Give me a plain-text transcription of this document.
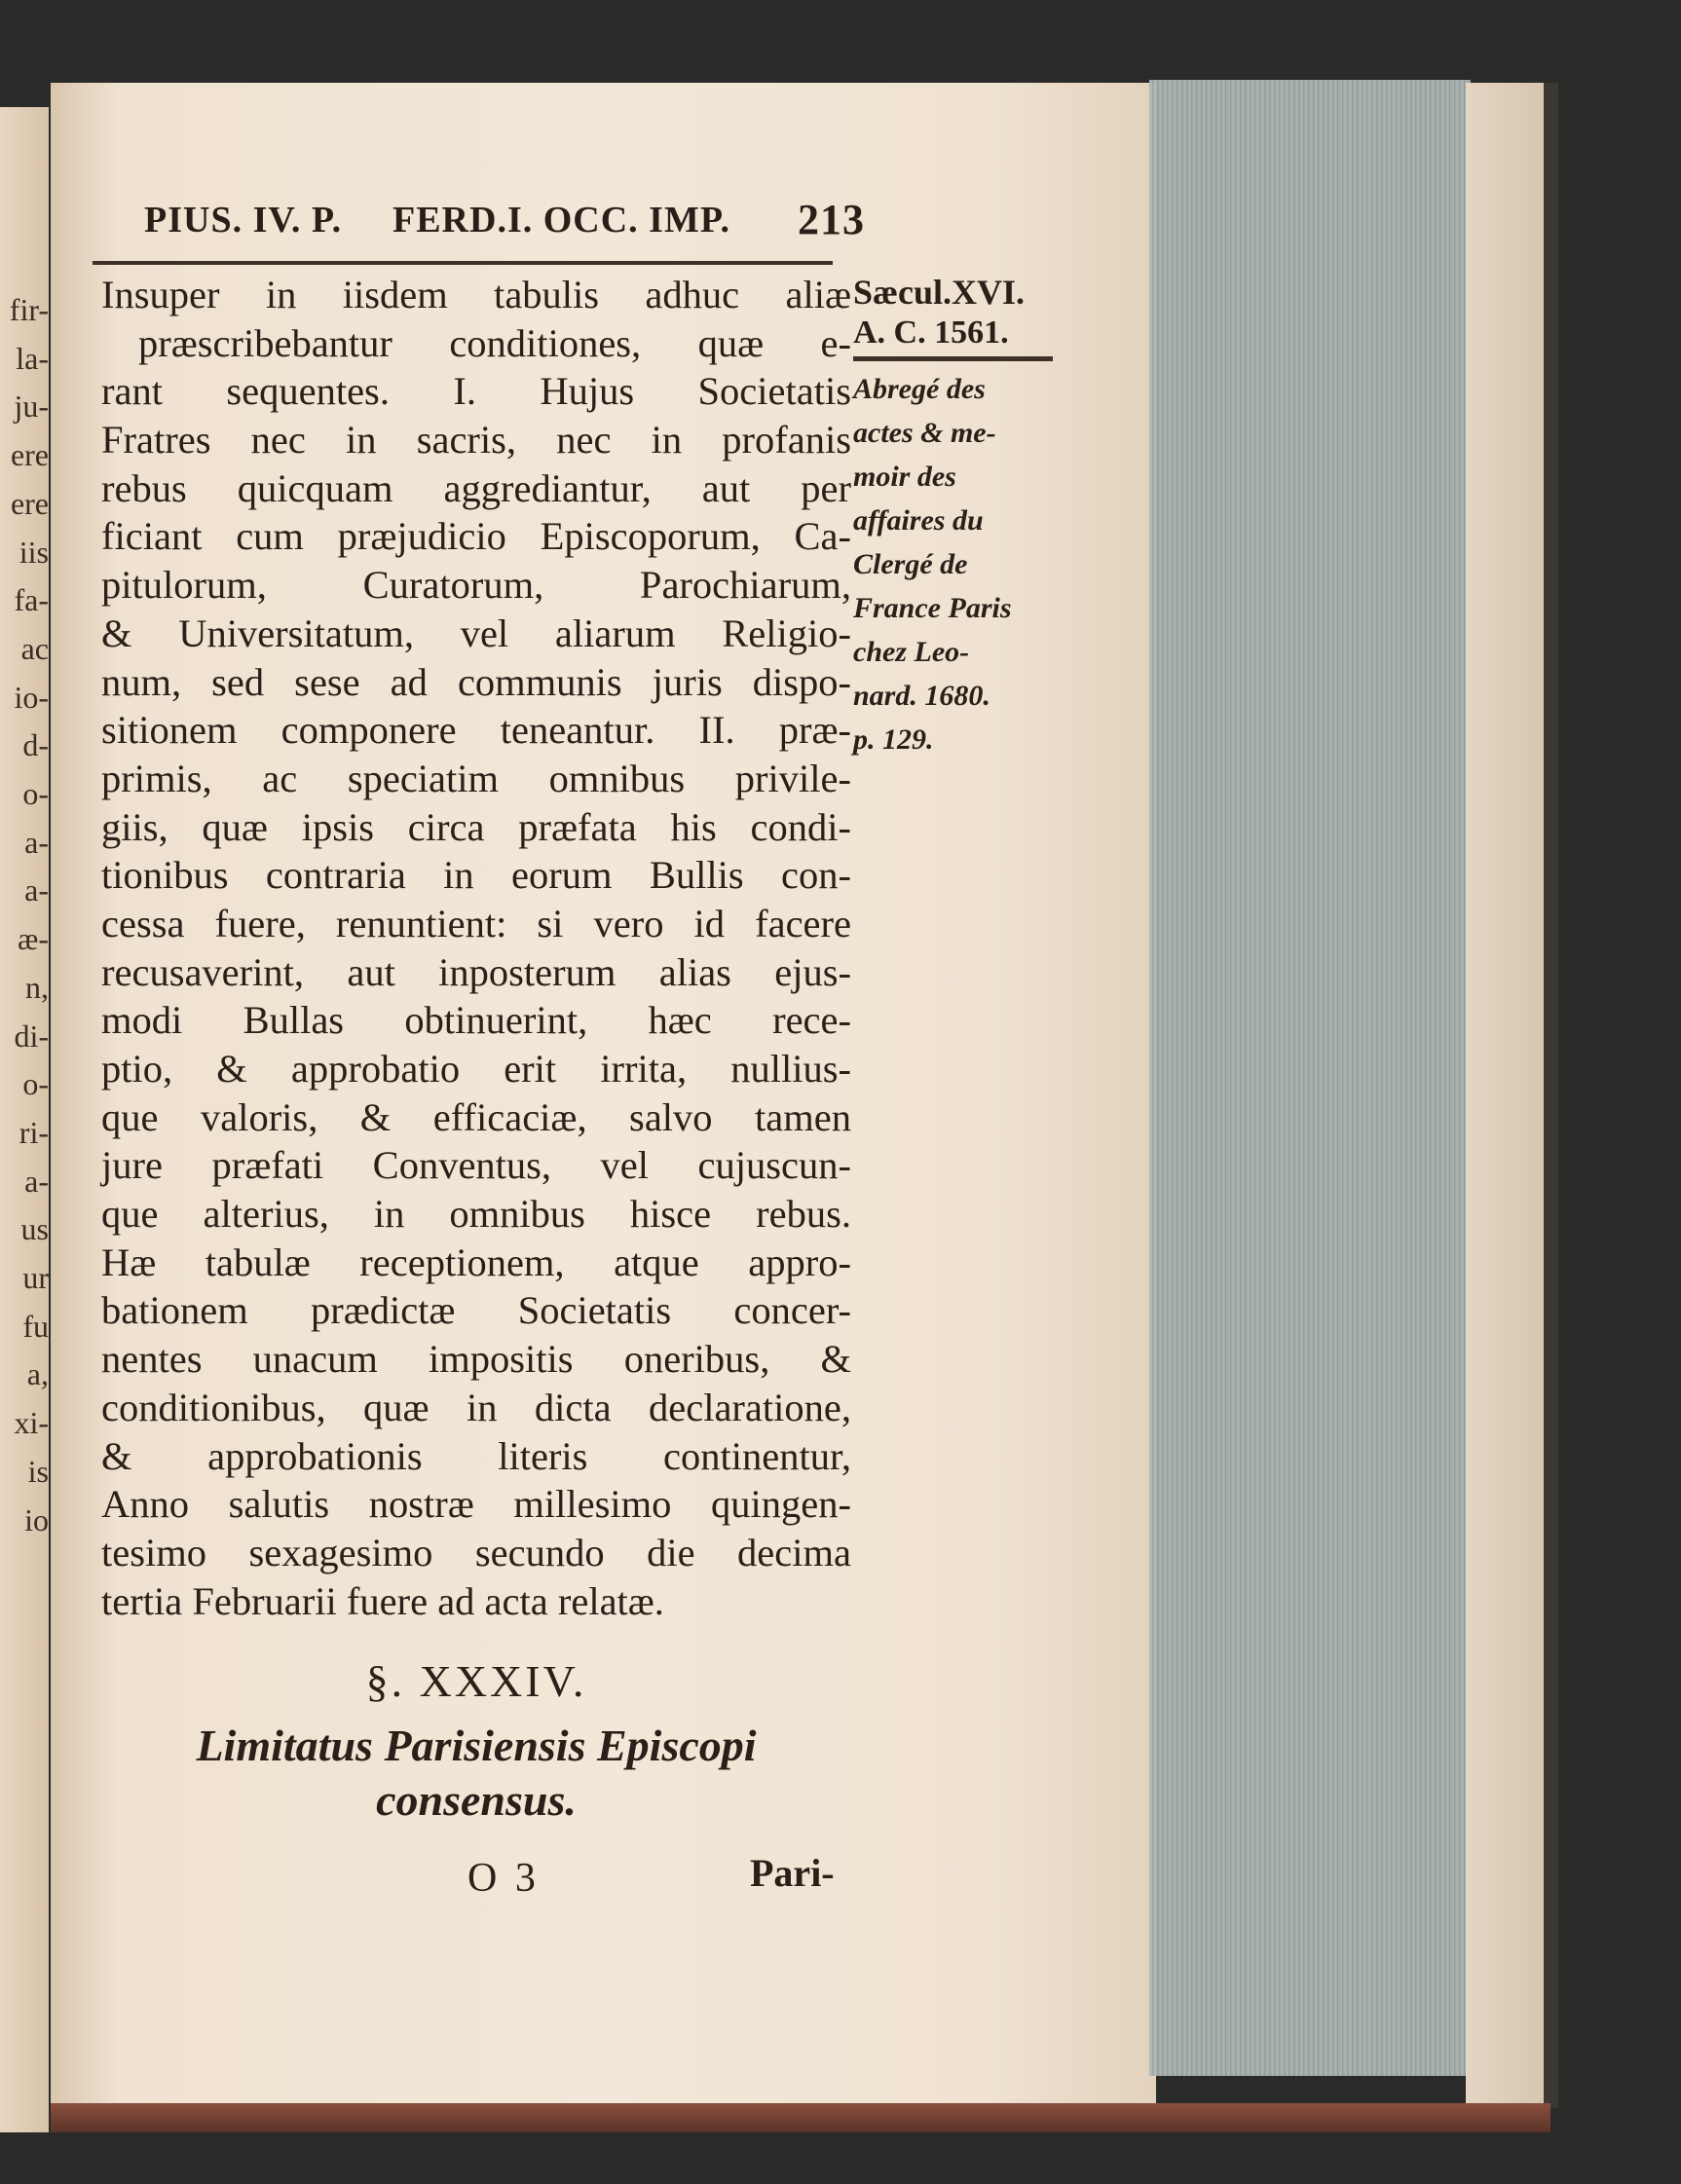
fir-
la-
ju-
ere
ere
iis
fa-
ac
io-
d-
o-
a-
a-
æ-
n,
di-
o-
ri-
a-
us
ur
fu
a,
xi-
is
io
PIUS. IV. P. FERD.I. OCC. IMP. 213
Insuper in iisdem tabulis adhuc aliæ
præscribebantur conditiones, quæ e-
rant sequentes. I. Hujus Societatis
Fratres nec in sacris, nec in profanis
rebus quicquam aggrediantur, aut per
ficiant cum præjudicio Episcoporum, Ca-
pitulorum, Curatorum, Parochiarum,
& Universitatum, vel aliarum Religio-
num, sed sese ad communis juris dispo-
sitionem componere teneantur. II. præ-
primis, ac speciatim omnibus privile-
giis, quæ ipsis circa præfata his condi-
tionibus contraria in eorum Bullis con-
cessa fuere, renuntient: si vero id facere
recusaverint, aut inposterum alias ejus-
modi Bullas obtinuerint, hæc rece-
ptio, & approbatio erit irrita, nullius-
que valoris, & efficaciæ, salvo tamen
jure præfati Conventus, vel cujuscun-
que alterius, in omnibus hisce rebus.
Hæ tabulæ receptionem, atque appro-
bationem prædictæ Societatis concer-
nentes unacum impositis oneribus, &
conditionibus, quæ in dicta declaratione,
& approbationis literis continentur,
Anno salutis nostræ millesimo quingen-
tesimo sexagesimo secundo die decima
tertia Februarii fuere ad acta relatæ.
Sæcul.XVI.
A. C. 1561.
Abregé des
actes & me-
moir des
affaires du
Clergé de
France Paris
chez Leo-
nard. 1680.
p. 129.
§. XXXIV.
Limitatus Parisiensis Episcopi
consensus.
O 3	Pari-
